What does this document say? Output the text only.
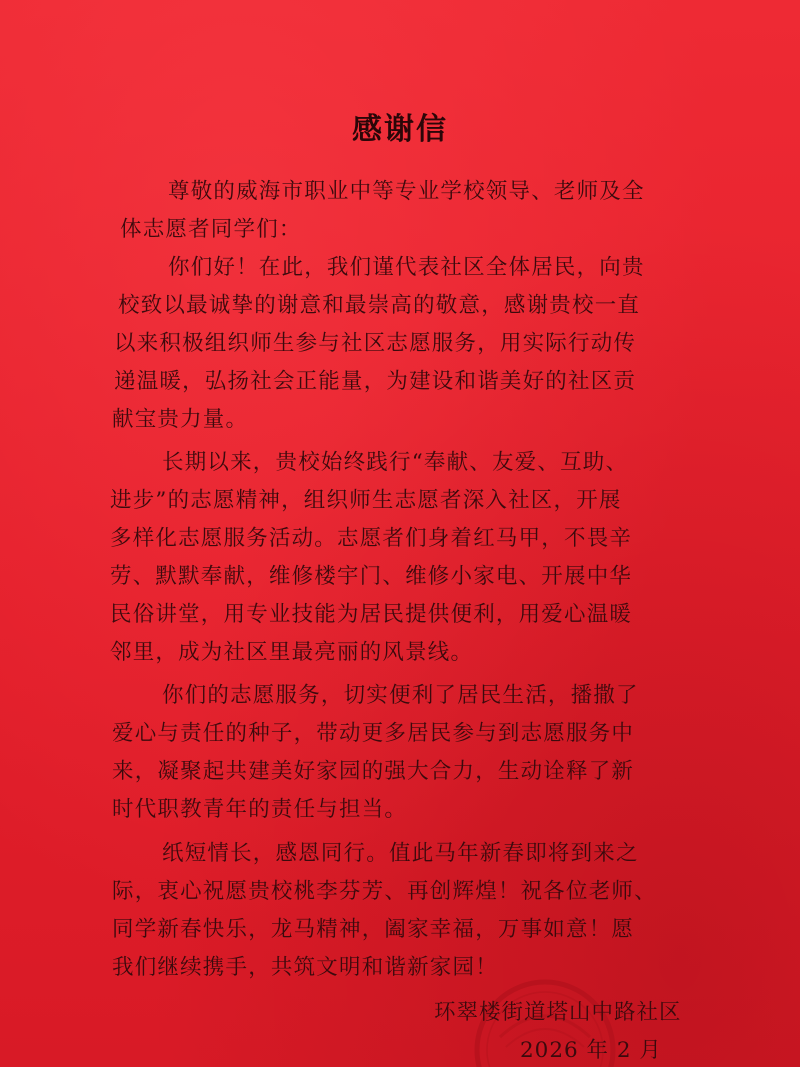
感谢信

尊敬的威海市职业中等专业学校领导、老师及全

体志愿者同学们：

你们好！在此，我们谨代表社区全体居民，向贵

校致以最诚挚的谢意和最崇高的敬意，感谢贵校一直

以来积极组织师生参与社区志愿服务，用实际行动传

递温暖，弘扬社会正能量，为建设和谐美好的社区贡

献宝贵力量。

长期以来，贵校始终践行“奉献、友爱、互助、

进步”的志愿精神，组织师生志愿者深入社区，开展

多样化志愿服务活动。志愿者们身着红马甲，不畏辛

劳、默默奉献，维修楼宇门、维修小家电、开展中华

民俗讲堂，用专业技能为居民提供便利，用爱心温暖

邻里，成为社区里最亮丽的风景线。

你们的志愿服务，切实便利了居民生活，播撒了

爱心与责任的种子，带动更多居民参与到志愿服务中

来，凝聚起共建美好家园的强大合力，生动诠释了新

时代职教青年的责任与担当。

纸短情长，感恩同行。值此马年新春即将到来之

际，衷心祝愿贵校桃李芬芳、再创辉煌！祝各位老师、

同学新春快乐，龙马精神，阖家幸福，万事如意！愿

我们继续携手，共筑文明和谐新家园！

环翠楼街道塔山中路社区

2026 年 2 月
